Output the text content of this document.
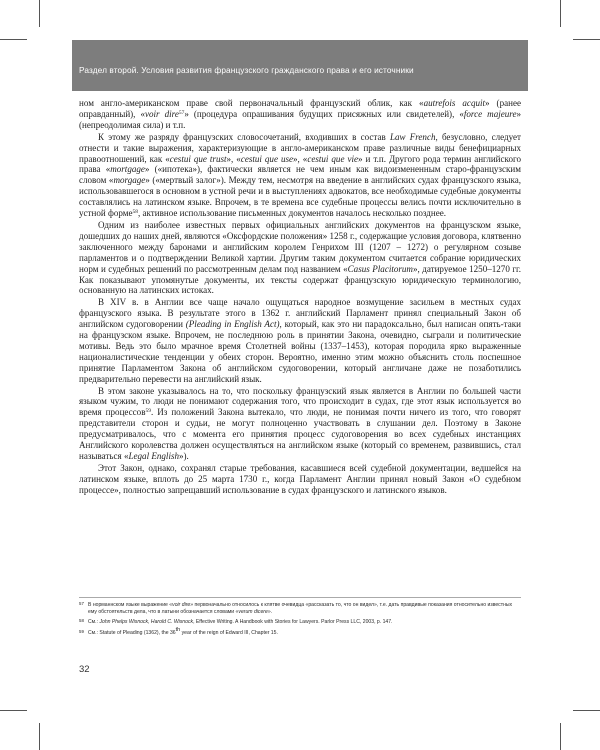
Раздел второй. Условия развития французского гражданского права и его источники

ном англо-американском праве свой первоначальный французский облик, как «autrefois acquit» (ранее оправданный), «voir dire$^{57}$» (процедура опрашивания будущих присяжных или свидетелей), «force majeure» (непреодолимая сила) и т.п.

К этому же разряду французских словосочетаний, входивших в состав Law French, безусловно, следует отнести и такие выражения, характеризующие в англо-американском праве различные виды бенефициарных правоотношений, как «cestui que trust», «cestui que use», «cestui que vie» и т.п. Другого рода термин английского права «mortgage» («ипотека»), фактически является не чем иным как видоизмененным старо-французским словом «morgage» («мертвый залог»). Между тем, несмотря на введение в английских судах французского языка, использовавшегося в основном в устной речи и в выступлениях адвокатов, все необходимые судебные документы составлялись на латинском языке. Впрочем, в те времена все судебные процессы велись почти исключительно в устной форме$^{58}$, активное использование письменных документов началось несколько позднее.

Одним из наиболее известных первых официальных английских документов на французском языке, дошедших до наших дней, являются «Оксфордские положения» 1258 г., содержащие условия договора, клятвенно заключенного между баронами и английским королем Генрихом III (1207 – 1272) о регулярном созыве парламентов и о подтверждении Великой хартии. Другим таким документом считается собрание юридических норм и судебных решений по рассмотренным делам под названием «Casus Placitorum», датируемое 1250–1270 гг. Как показывают упомянутые документы, их тексты содержат французскую юридическую терминологию, основанную на латинских истоках.

В XIV в. в Англии все чаще начало ощущаться народное возмущение засильем в местных судах французского языка. В результате этого в 1362 г. английский Парламент принял специальный Закон об английском судоговорении (Pleading in English Act), который, как это ни парадоксально, был написан опять-таки на французском языке. Впрочем, не последнюю роль в принятии Закона, очевидно, сыграли и политические мотивы. Ведь это было мрачное время Столетней войны (1337–1453), которая породила ярко выраженные националистические тенденции у обеих сторон. Вероятно, именно этим можно объяснить столь поспешное принятие Парламентом Закона об английском судоговорении, который англичане даже не позаботились предварительно перевести на английский язык.

В этом законе указывалось на то, что поскольку французский язык является в Англии по большей части языком чужим, то люди не понимают содержания того, что происходит в судах, где этот язык используется во время процессов$^{59}$. Из положений Закона вытекало, что люди, не понимая почти ничего из того, что говорят представители сторон и судьи, не могут полноценно участвовать в слушании дел. Поэтому в Законе предусматривалось, что с момента его принятия процесс судоговорения во всех судебных инстанциях Английского королевства должен осуществляться на английском языке (который со временем, развившись, стал называться «Legal English»).

Этот Закон, однако, сохранял старые требования, касавшиеся всей судебной документации, ведшейся на латинском языке, вплоть до 25 марта 1730 г., когда Парламент Англии принял новый Закон «О судебном процессе», полностью запрещавший использование в судах французского и латинского языков.

57 В норманнском языке выражение «voir dire» первоначально относилось к клятве очевидца «рассказать то, что он видел», т.е. дать правдивые показания относительно известных ему обстоятельств дела, что в латыни обозначается словами «verum dicere».
58 См.: John Phelps Wisnock, Harold C. Wisnock, Effective Writing. A Handbook with Stories for Lawyers. Parlor Press LLC, 2003, p. 147.
59 См.: Statute of Pleading (1362), the 36th year of the reign of Edward III, Chapter 15.
32
